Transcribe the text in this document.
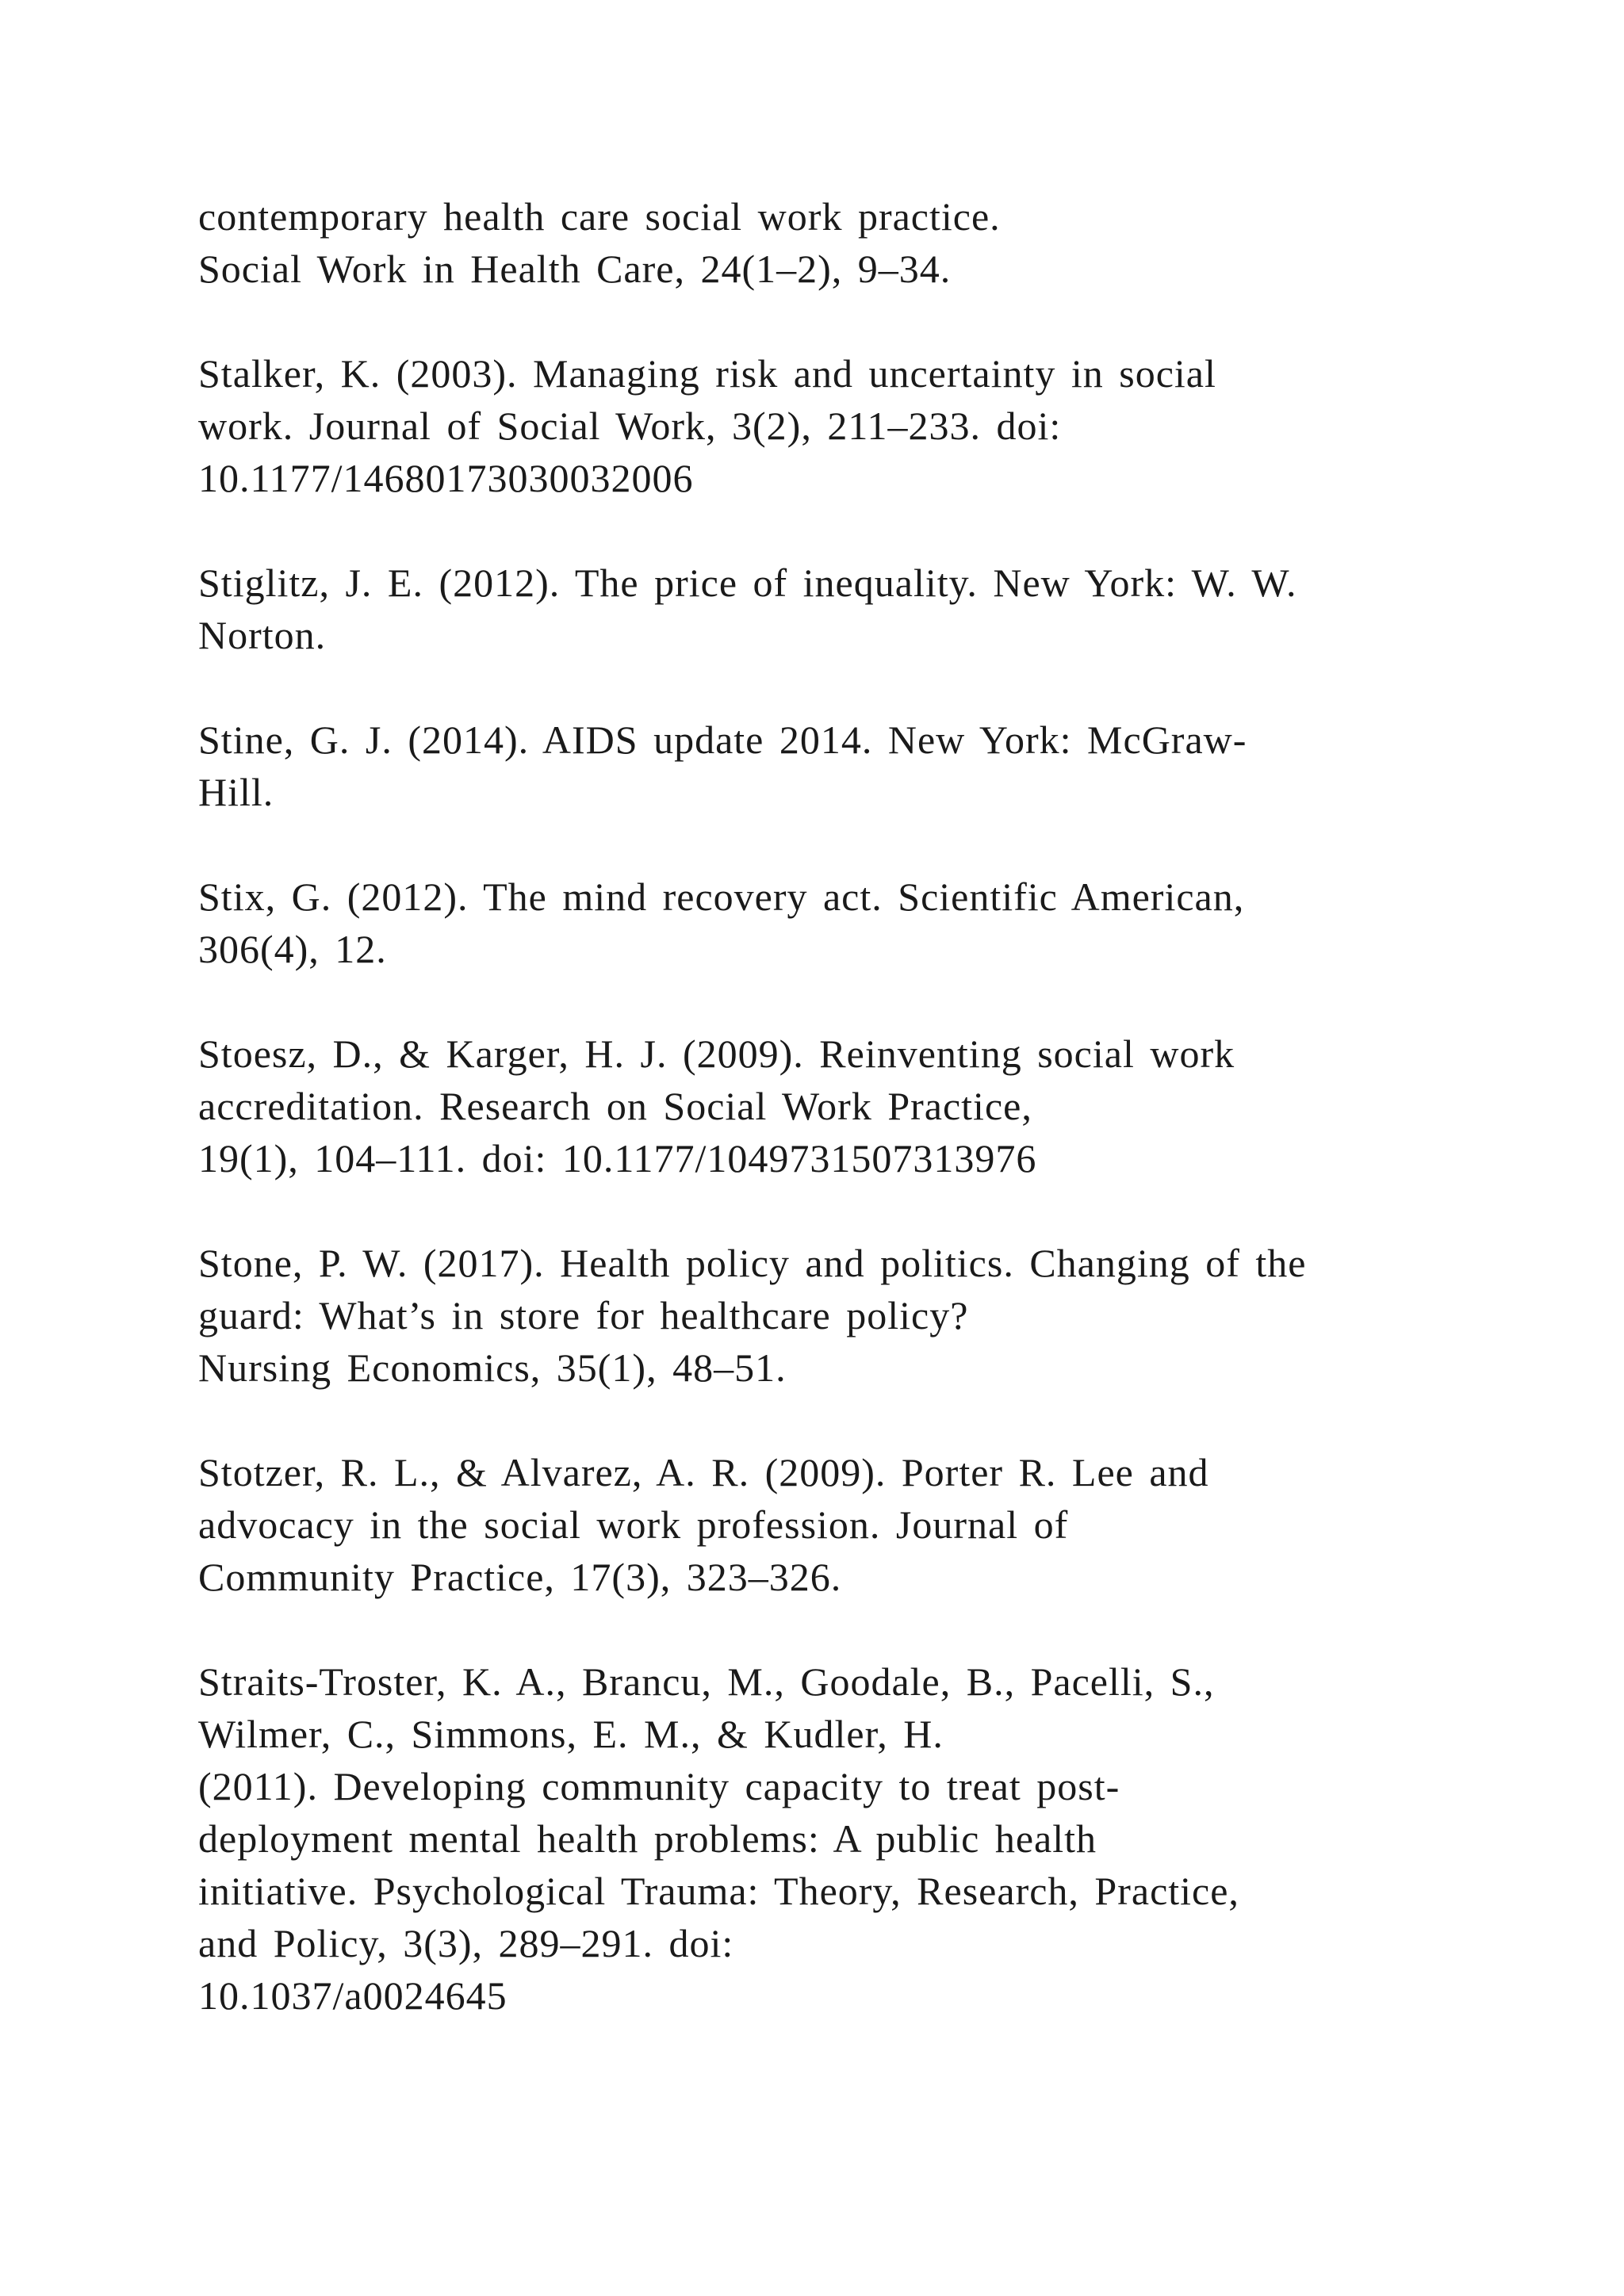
contemporary health care social work practice.
Social Work in Health Care, 24(1–2), 9–34.
Stalker, K. (2003). Managing risk and uncertainty in social
work. Journal of Social Work, 3(2), 211–233. doi:
10.1177/14680173030032006
Stiglitz, J. E. (2012). The price of inequality. New York: W. W.
Norton.
Stine, G. J. (2014). AIDS update 2014. New York: McGraw-
Hill.
Stix, G. (2012). The mind recovery act. Scientific American,
306(4), 12.
Stoesz, D., & Karger, H. J. (2009). Reinventing social work
accreditation. Research on Social Work Practice,
19(1), 104–111. doi: 10.1177/1049731507313976
Stone, P. W. (2017). Health policy and politics. Changing of the
guard: What’s in store for healthcare policy?
Nursing Economics, 35(1), 48–51.
Stotzer, R. L., & Alvarez, A. R. (2009). Porter R. Lee and
advocacy in the social work profession. Journal of
Community Practice, 17(3), 323–326.
Straits-Troster, K. A., Brancu, M., Goodale, B., Pacelli, S.,
Wilmer, C., Simmons, E. M., & Kudler, H.
(2011). Developing community capacity to treat post-
deployment mental health problems: A public health
initiative. Psychological Trauma: Theory, Research, Practice,
and Policy, 3(3), 289–291. doi:
10.1037/a0024645
